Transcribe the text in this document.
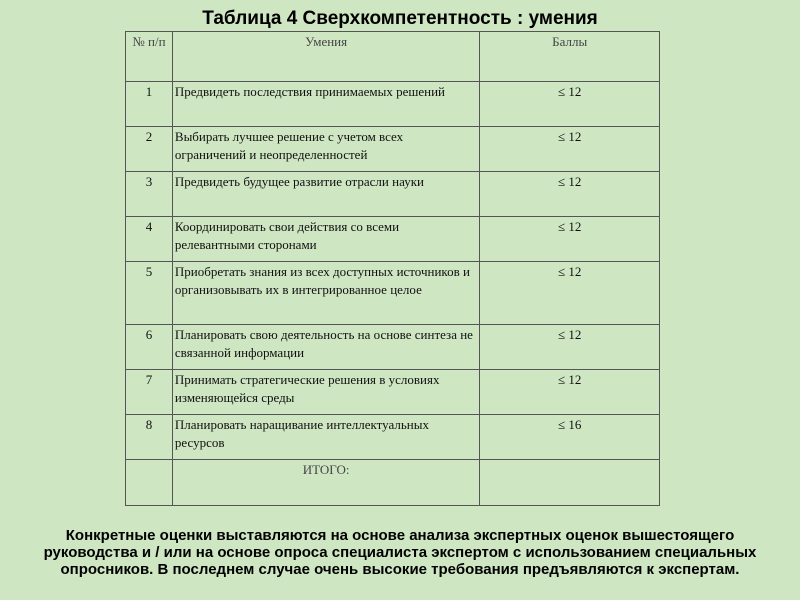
Таблица 4 Сверхкомпетентность : умения
№ п/п	Умения	Баллы
1	Предвидеть последствия принимаемых решений	≤ 12
2	Выбирать лучшее решение с учетом всех ограничений и неопределенностей	≤ 12
3	Предвидеть будущее развитие отрасли науки	≤ 12
4	Координировать свои действия со всеми релевантными сторонами	≤ 12
5	Приобретать знания из всех доступных источников и организовывать их в интегрированное целое	≤ 12
6	Планировать свою деятельность на основе синтеза не связанной информации	≤ 12
7	Принимать стратегические решения в условиях изменяющейся среды	≤ 12
8	Планировать наращивание интеллектуальных ресурсов	≤ 16
	ИТОГО:	
Конкретные оценки выставляются на основе анализа экспертных оценок вышестоящего руководства и / или на основе опроса специалиста экспертом с использованием специальных опросников. В последнем случае очень высокие требования предъявляются к экспертам.
